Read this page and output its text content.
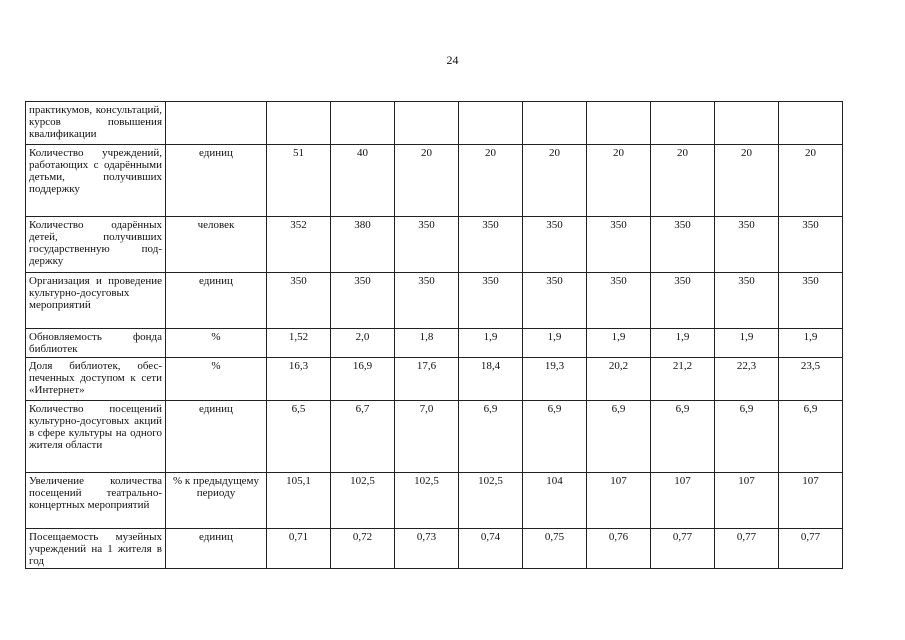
24
практикумов, консультаций, курсов повышения квалификации										
Количество учреждений, работающих с одарёнными детьми, получивших поддержку	единиц	51	40	20	20	20	20	20	20	20
Количество одарённых детей, получивших государственную поддержку	человек	352	380	350	350	350	350	350	350	350
Организация и проведение культурно-досуговых мероприятий	единиц	350	350	350	350	350	350	350	350	350
Обновляемость фонда библиотек	%	1,52	2,0	1,8	1,9	1,9	1,9	1,9	1,9	1,9
Доля библиотек, обеспеченных доступом к сети «Интернет»	%	16,3	16,9	17,6	18,4	19,3	20,2	21,2	22,3	23,5
Количество посещений культурно-досуговых акций в сфере культуры на одного жителя области	единиц	6,5	6,7	7,0	6,9	6,9	6,9	6,9	6,9	6,9
Увеличение количества посещений театрально-концертных мероприятий	% к предыдущему периоду	105,1	102,5	102,5	102,5	104	107	107	107	107
Посещаемость музейных учреждений на 1 жителя в год	единиц	0,71	0,72	0,73	0,74	0,75	0,76	0,77	0,77	0,77
